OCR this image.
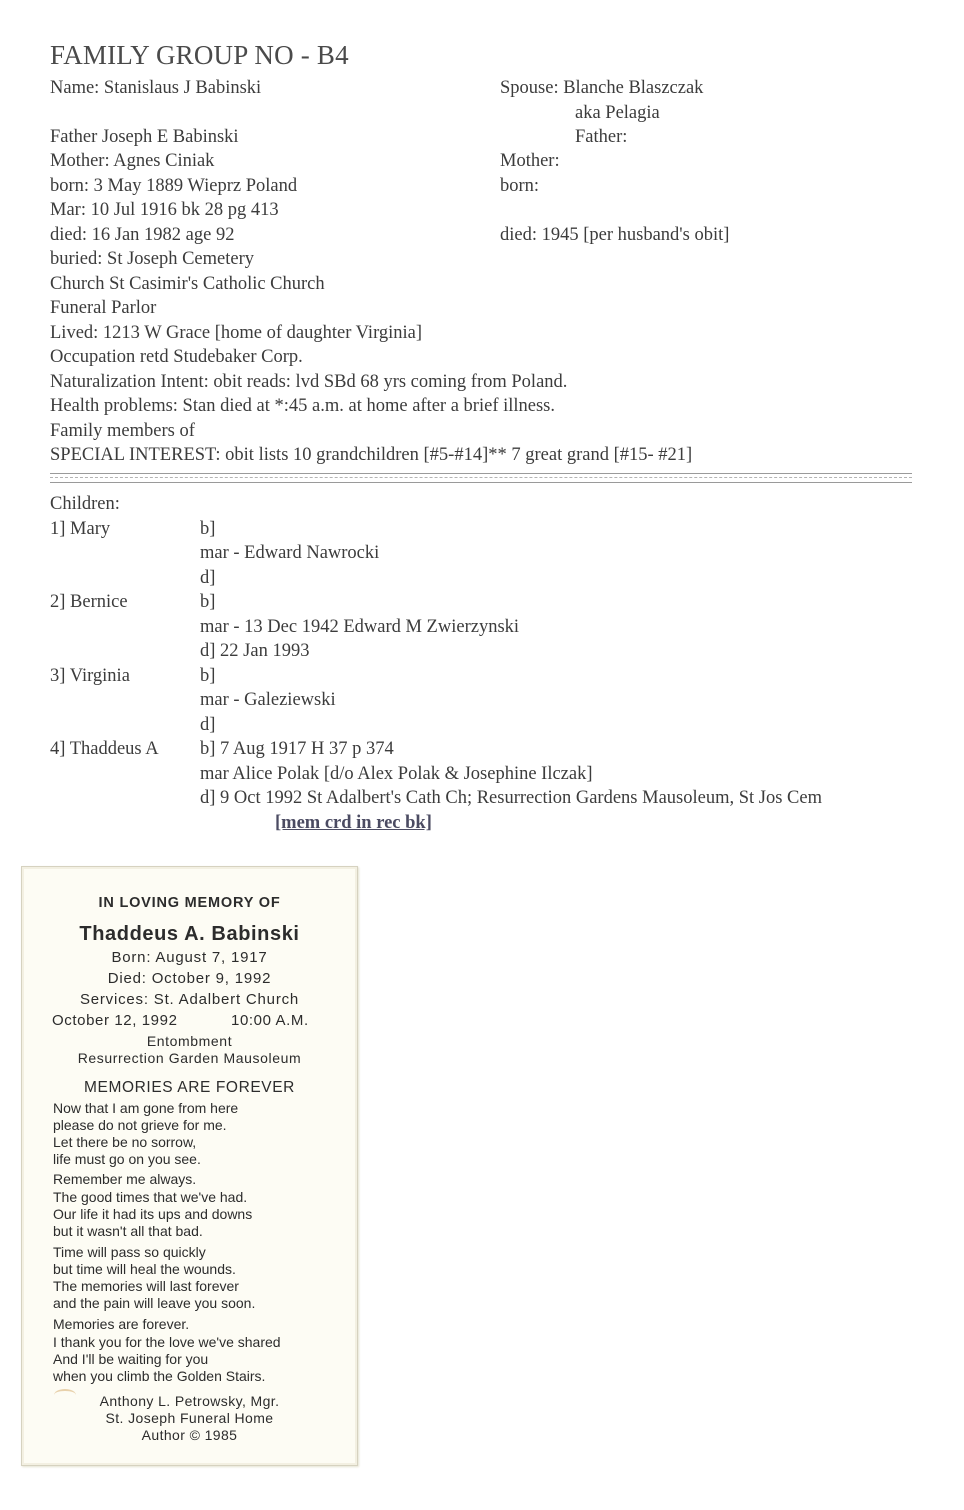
FAMILY GROUP NO - B4
Name: Stanislaus J Babinski
Father Joseph E Babinski
Mother: Agnes Ciniak
born: 3 May 1889 Wieprz Poland
Mar: 10 Jul 1916 bk 28 pg 413
died: 16 Jan 1982 age 92
buried: St Joseph Cemetery
Church St Casimir's Catholic Church
Funeral Parlor
Lived: 1213 W Grace [home of daughter Virginia]
Occupation retd Studebaker Corp.
Naturalization Intent: obit reads: lvd SBd 68 yrs coming from Poland.
Health problems: Stan died at *:45 a.m. at home after a brief illness.
Family members of
SPECIAL INTEREST: obit lists 10 grandchildren [#5-#14]** 7 great grand [#15- #21]
Spouse: Blanche Blaszczak
aka Pelagia
Father:
Mother:
born:
died: 1945 [per husband's obit]
Children:
1] Mary	b]
mar - Edward Nawrocki
d]
2] Bernice	b]
mar - 13 Dec 1942 Edward M Zwierzynski
d] 22 Jan 1993
3] Virginia	b]
mar - Galeziewski
d]
4] Thaddeus A b] 7 Aug 1917 H 37 p 374
mar Alice Polak [d/o Alex Polak & Josephine Ilczak]
d] 9 Oct 1992 St Adalbert's Cath Ch; Resurrection Gardens Mausoleum, St Jos Cem
[mem crd in rec bk]
IN LOVING MEMORY OF
Thaddeus A. Babinski
Born: August 7, 1917
Died: October 9, 1992
Services: St. Adalbert Church
October 12, 1992	10:00 A.M.
Entombment
Resurrection Garden Mausoleum
MEMORIES ARE FOREVER
Now that I am gone from here
please do not grieve for me.
Let there be no sorrow,
life must go on you see.
Remember me always.
The good times that we've had.
Our life it had its ups and downs
but it wasn't all that bad.
Time will pass so quickly
but time will heal the wounds.
The memories will last forever
and the pain will leave you soon.
Memories are forever.
I thank you for the love we've shared
And I'll be waiting for you
when you climb the Golden Stairs.
Anthony L. Petrowsky, Mgr.
St. Joseph Funeral Home
Author © 1985
